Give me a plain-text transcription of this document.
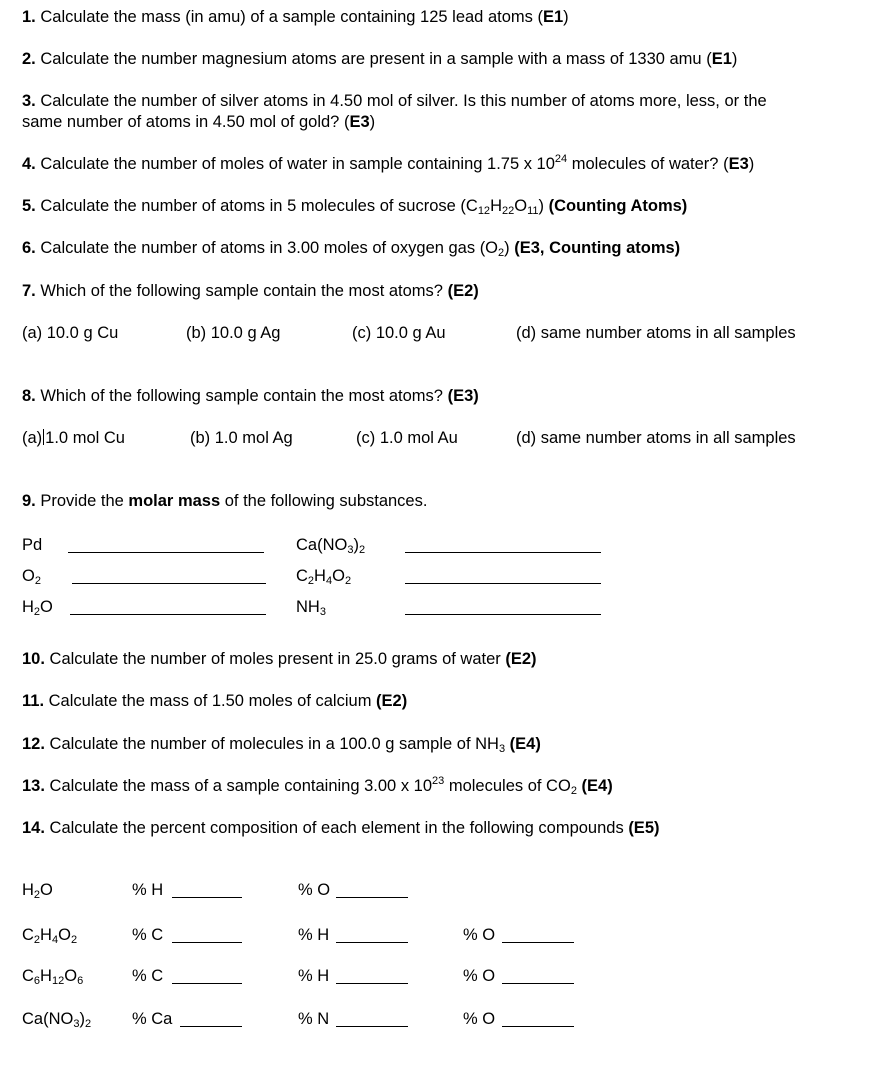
1. Calculate the mass (in amu) of a sample containing 125 lead atoms (E1)
2. Calculate the number magnesium atoms are present in a sample with a mass of 1330 amu (E1)
3. Calculate the number of silver atoms in 4.50 mol of silver. Is this number of atoms more, less, or the
same number of atoms in 4.50 mol of gold? (E3)
4. Calculate the number of moles of water in sample containing 1.75 x $10^{24}$ molecules of water? (E3)
5. Calculate the number of atoms in 5 molecules of sucrose $(C_{12}H_{22}O_{11})$ (Counting Atoms)
6. Calculate the number of atoms in 3.00 moles of oxygen gas $(O_2)$ (E3, Counting atoms)
7. Which of the following sample contain the most atoms? (E2)
(a) 10.0 g Cu	(b) 10.0 g Ag	(c) 10.0 g Au	(d) same number atoms in all samples
8. Which of the following sample contain the most atoms? (E3)
(a) 1.0 mol Cu	(b) 1.0 mol Ag	(c) 1.0 mol Au	(d) same number atoms in all samples
9. Provide the molar mass of the following substances.
Pd	$Ca(NO_3)_2$
$O_2$	$C_2H_4O_2$
$H_2O$	$NH_3$
10. Calculate the number of moles present in 25.0 grams of water (E2)
11. Calculate the mass of 1.50 moles of calcium (E2)
12. Calculate the number of molecules in a 100.0 g sample of $NH_3$ (E4)
13. Calculate the mass of a sample containing 3.00 x $10^{23}$ molecules of $CO_2$ (E4)
14. Calculate the percent composition of each element in the following compounds (E5)
$H_2O$	% H	% O
$C_2H_4O_2$	% C	% H	% O
$C_6H_{12}O_6$	% C	% H	% O
$Ca(NO_3)_2$ % Ca	% N	% O
